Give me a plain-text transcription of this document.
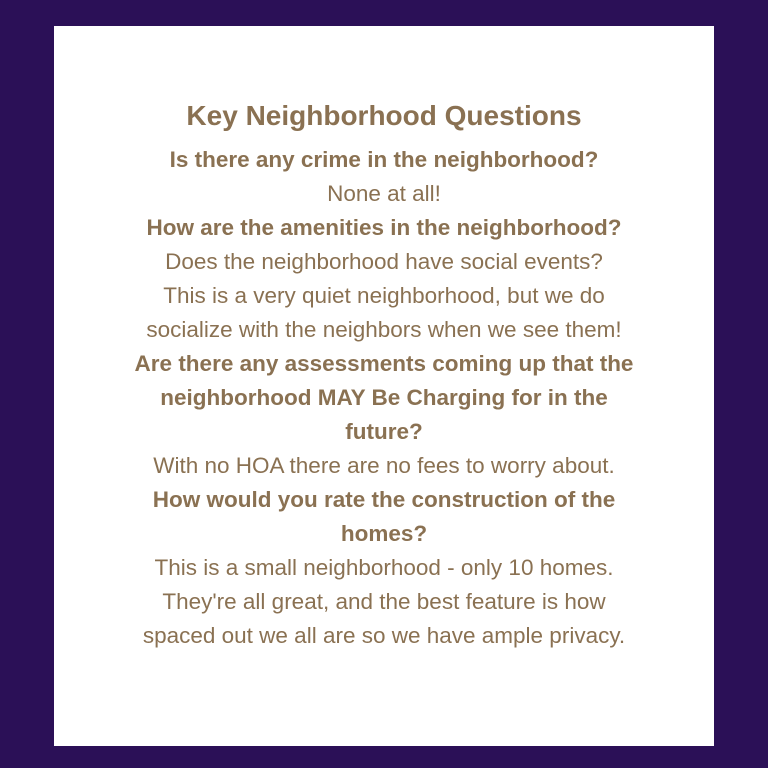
Key Neighborhood Questions
Is there any crime in the neighborhood?
None at all!
How are the amenities in the neighborhood?
Does the neighborhood have social events?
This is a very quiet neighborhood, but we do
socialize with the neighbors when we see them!
Are there any assessments coming up that the
neighborhood MAY Be Charging for in the
future?
With no HOA there are no fees to worry about.
How would you rate the construction of the
homes?
This is a small neighborhood - only 10 homes.
They're all great, and the best feature is how
spaced out we all are so we have ample privacy.
